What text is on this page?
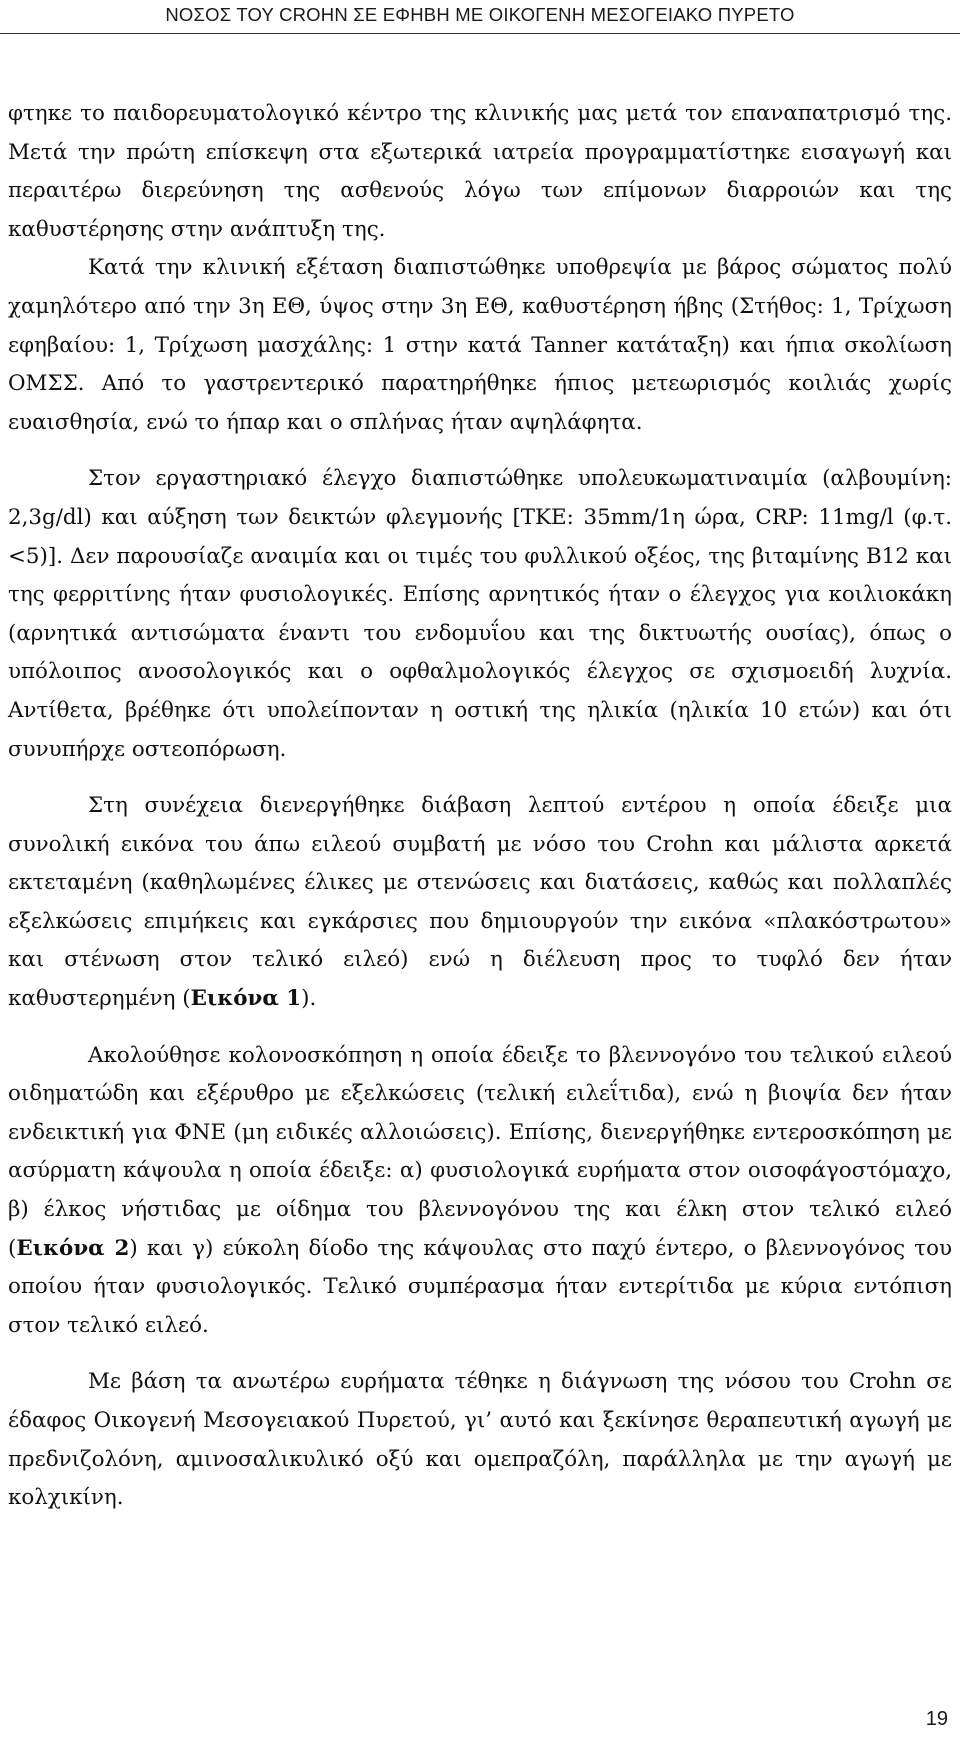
ΝΟΣΟΣ ΤΟΥ CROHN ΣΕ ΕΦΗΒΗ ΜΕ ΟΙΚΟΓΕΝΗ ΜΕΣΟΓΕΙΑΚΟ ΠΥΡΕΤΟ

φτηκε το παιδορευματολογικό κέντρο της κλινικής μας μετά τον επαναπατρισμό της. Μετά την πρώτη επίσκεψη στα εξωτερικά ιατρεία προγραμματίστηκε εισαγωγή και περαιτέρω διερεύνηση της ασθενούς λόγω των επίμονων διαρροιών και της καθυστέρησης στην ανάπτυξη της.

Κατά την κλινική εξέταση διαπιστώθηκε υποθρεψία με βάρος σώματος πολύ χαμηλότερο από την 3η ΕΘ, ύψος στην 3η ΕΘ, καθυστέρηση ήβης (Στήθος: 1, Τρίχωση εφηβαίου: 1, Τρίχωση μασχάλης: 1 στην κατά Tanner κατάταξη) και ήπια σκολίωση ΟΜΣΣ. Από το γαστρεντερικό παρατηρήθηκε ήπιος μετεωρισμός κοιλιάς χωρίς ευαισθησία, ενώ το ήπαρ και ο σπλήνας ήταν αψηλάφητα.

Στον εργαστηριακό έλεγχο διαπιστώθηκε υπολευκωματιναιμία (αλβουμίνη: 2,3g/dl) και αύξηση των δεικτών φλεγμονής [ΤΚΕ: 35mm/1η ώρα, CRP: 11mg/l (φ.τ.<5)]. Δεν παρουσίαζε αναιμία και οι τιμές του φυλλικού οξέος, της βιταμίνης Β12 και της φερριτίνης ήταν φυσιολογικές. Επίσης αρνητικός ήταν ο έλεγχος για κοιλιοκάκη (αρνητικά αντισώματα έναντι του ενδομυΐου και της δικτυωτής ουσίας), όπως ο υπόλοιπος ανοσολογικός και ο οφθαλμολογικός έλεγχος σε σχισμοειδή λυχνία. Αντίθετα, βρέθηκε ότι υπολείπονταν η οστική της ηλικία (ηλικία 10 ετών) και ότι συνυπήρχε οστεοπόρωση.

Στη συνέχεια διενεργήθηκε διάβαση λεπτού εντέρου η οποία έδειξε μια συνολική εικόνα του άπω ειλεού συμβατή με νόσο του Crohn και μάλιστα αρκετά εκτεταμένη (καθηλωμένες έλικες με στενώσεις και διατάσεις, καθώς και πολλαπλές εξελκώσεις επιμήκεις και εγκάρσιες που δημιουργούν την εικόνα «πλακόστρωτου» και στένωση στον τελικό ειλεό) ενώ η διέλευση προς το τυφλό δεν ήταν καθυστερημένη (Εικόνα 1).

Ακολούθησε κολονοσκόπηση η οποία έδειξε το βλεννογόνο του τελικού ειλεού οιδηματώδη και εξέρυθρο με εξελκώσεις (τελική ειλεΐτιδα), ενώ η βιοψία δεν ήταν ενδεικτική για ΦΝΕ (μη ειδικές αλλοιώσεις). Επίσης, διενεργήθηκε εντεροσκόπηση με ασύρματη κάψουλα η οποία έδειξε: α) φυσιολογικά ευρήματα στον οισοφάγοστόμαχο, β) έλκος νήστιδας με οίδημα του βλεννογόνου της και έλκη στον τελικό ειλεό (Εικόνα 2) και γ) εύκολη δίοδο της κάψουλας στο παχύ έντερο, ο βλεννογόνος του οποίου ήταν φυσιολογικός. Τελικό συμπέρασμα ήταν εντερίτιδα με κύρια εντόπιση στον τελικό ειλεό.

Με βάση τα ανωτέρω ευρήματα τέθηκε η διάγνωση της νόσου του Crohn σε έδαφος Οικογενή Μεσογειακού Πυρετού, γι’ αυτό και ξεκίνησε θεραπευτική αγωγή με πρεδνιζολόνη, αμινοσαλικυλικό οξύ και ομεπραζόλη, παράλληλα με την αγωγή με κολχικίνη.

19
